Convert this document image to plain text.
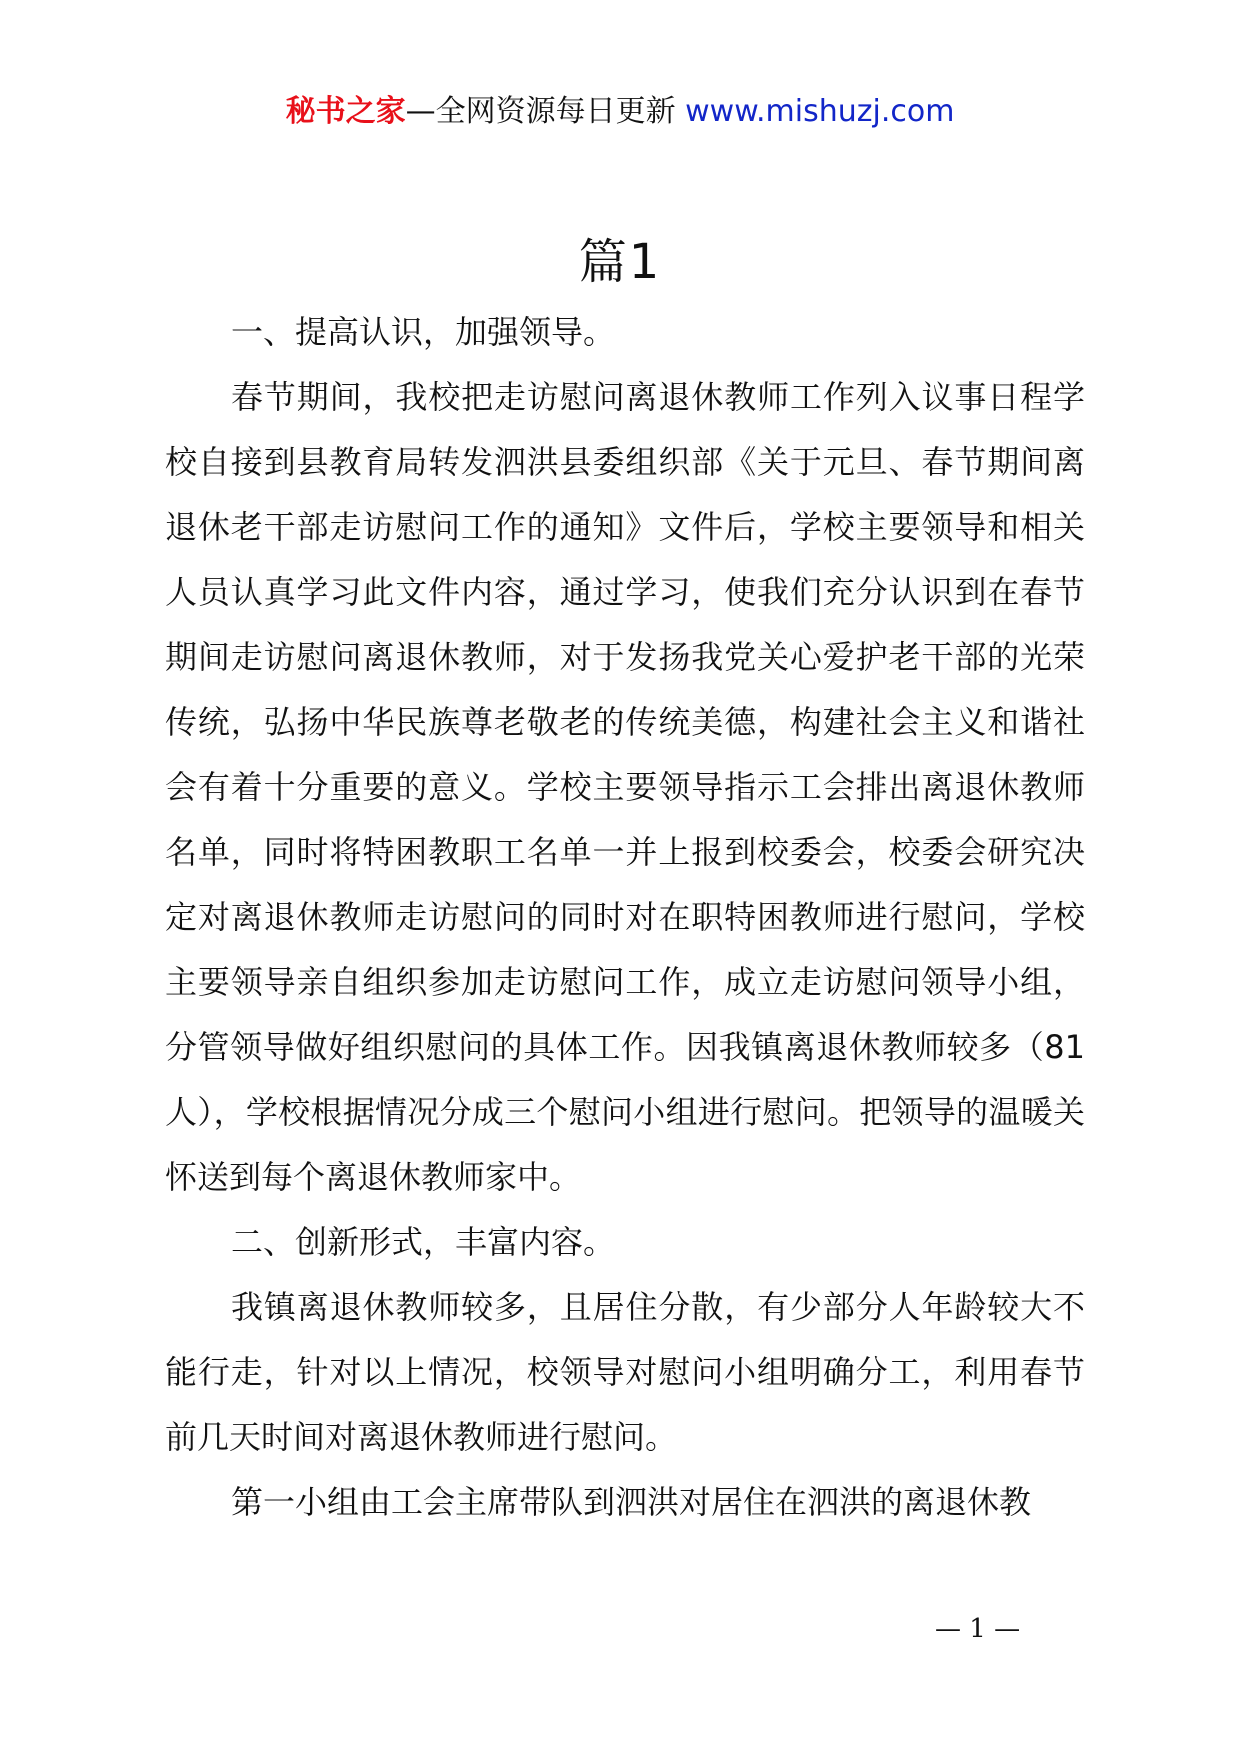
秘书之家—全网资源每日更新 www.mishuzj.com
篇1

一、提高认识，加强领导。

春节期间，我校把走访慰问离退休教师工作列入议事日程学校自接到县教育局转发泗洪县委组织部《关于元旦、春节期间离退休老干部走访慰问工作的通知》文件后，学校主要领导和相关人员认真学习此文件内容，通过学习，使我们充分认识到在春节期间走访慰问离退休教师，对于发扬我党关心爱护老干部的光荣传统，弘扬中华民族尊老敬老的传统美德，构建社会主义和谐社会有着十分重要的意义。学校主要领导指示工会排出离退休教师名单，同时将特困教职工名单一并上报到校委会，校委会研究决定对离退休教师走访慰问的同时对在职特困教师进行慰问，学校主要领导亲自组织参加走访慰问工作，成立走访慰问领导小组，分管领导做好组织慰问的具体工作。因我镇离退休教师较多（81人），学校根据情况分成三个慰问小组进行慰问。把领导的温暖关怀送到每个离退休教师家中。

二、创新形式，丰富内容。

我镇离退休教师较多，且居住分散，有少部分人年龄较大不能行走，针对以上情况，校领导对慰问小组明确分工，利用春节前几天时间对离退休教师进行慰问。

第一小组由工会主席带队到泗洪对居住在泗洪的离退休教

— 1 —
